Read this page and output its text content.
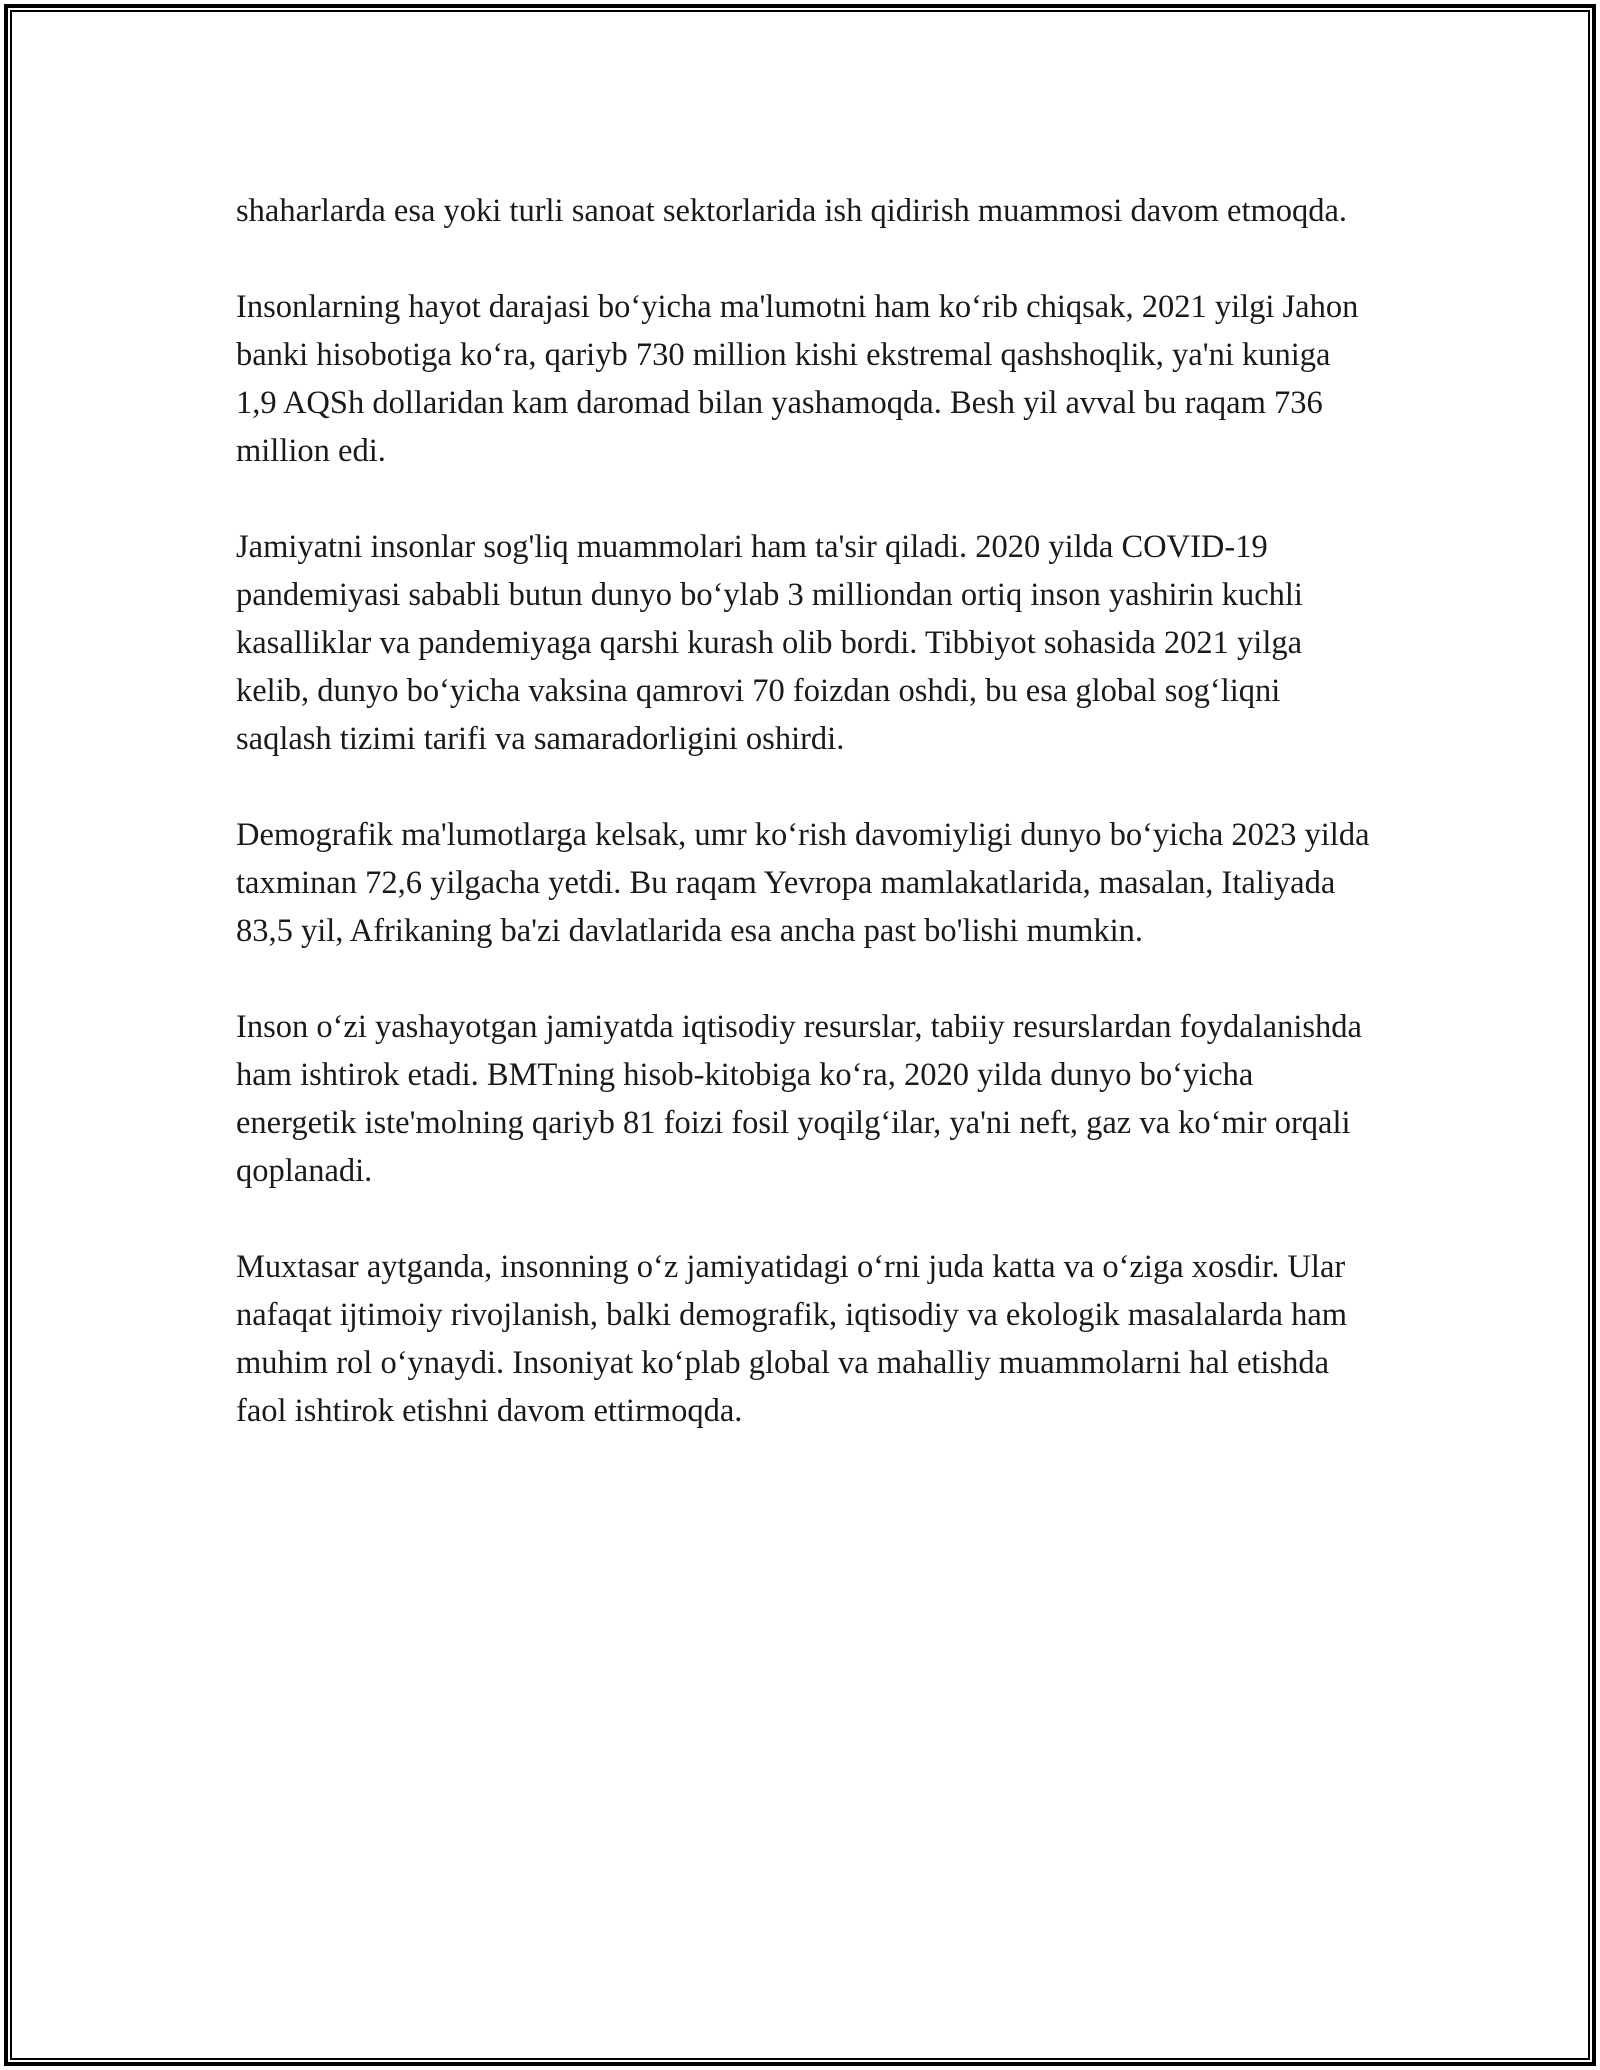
shaharlarda esa yoki turli sanoat sektorlarida ish qidirish muammosi davom etmoqda.

Insonlarning hayot darajasi bo‘yicha ma'lumotni ham ko‘rib chiqsak, 2021 yilgi Jahon banki hisobotiga ko‘ra, qariyb 730 million kishi ekstremal qashshoqlik, ya'ni kuniga 1,9 AQSh dollaridan kam daromad bilan yashamoqda. Besh yil avval bu raqam 736 million edi.

Jamiyatni insonlar sog'liq muammolari ham ta'sir qiladi. 2020 yilda COVID-19 pandemiyasi sababli butun dunyo bo‘ylab 3 milliondan ortiq inson yashirin kuchli kasalliklar va pandemiyaga qarshi kurash olib bordi. Tibbiyot sohasida 2021 yilga kelib, dunyo bo‘yicha vaksina qamrovi 70 foizdan oshdi, bu esa global sog‘liqni saqlash tizimi tarifi va samaradorligini oshirdi.

Demografik ma'lumotlarga kelsak, umr ko‘rish davomiyligi dunyo bo‘yicha 2023 yilda taxminan 72,6 yilgacha yetdi. Bu raqam Yevropa mamlakatlarida, masalan, Italiyada 83,5 yil, Afrikaning ba'zi davlatlarida esa ancha past bo'lishi mumkin.

Inson o‘zi yashayotgan jamiyatda iqtisodiy resurslar, tabiiy resurslardan foydalanishda ham ishtirok etadi. BMTning hisob-kitobiga ko‘ra, 2020 yilda dunyo bo‘yicha energetik iste'molning qariyb 81 foizi fosil yoqilg‘ilar, ya'ni neft, gaz va ko‘mir orqali qoplanadi.

Muxtasar aytganda, insonning o‘z jamiyatidagi o‘rni juda katta va o‘ziga xosdir. Ular nafaqat ijtimoiy rivojlanish, balki demografik, iqtisodiy va ekologik masalalarda ham muhim rol o‘ynaydi. Insoniyat ko‘plab global va mahalliy muammolarni hal etishda faol ishtirok etishni davom ettirmoqda.
